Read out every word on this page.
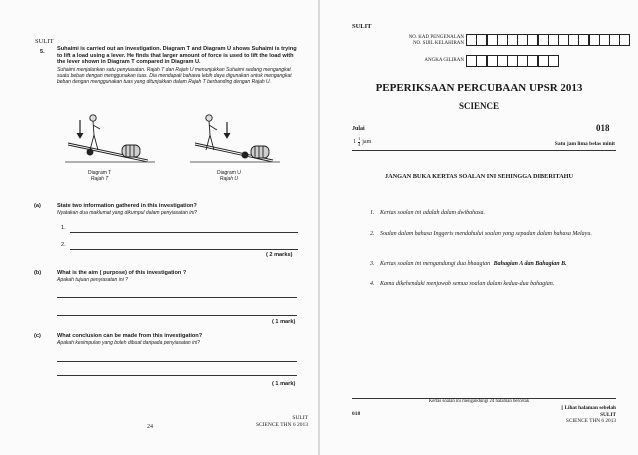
SULIT
5. Suhaimi is carried out an investigation. Diagram T and Diagram U shows Suhaimi is trying to lift a load using a lever. He finds that larger amount of force is used to lift the load with the lever shown in Diagram T compared in Diagram U.
Suhaimi menjalankan satu penyiasatan. Rajah T dan Rajah U menunjukkan Suhaimi sedang mengangkat suatu beban dengan menggunakan tuas. Dia mendapati bahawa lebih daya digunakan untuk mengangkat beban dengan menggunakan tuas yang ditunjukkan dalam Rajah T berbanding dengan Rajah U.
Diagram T
Rajah T
Diagram U
Rajah U
(a)	State two information gathered in this investigation?
Nyatakan dua maklumat yang dikumpul dalam penyiasatan ini?
1.
2.
( 2 marks)
(b)	What is the aim ( purpose) of this investigation ?
Apakah tujuan penyiasatan ini ?
( 1 mark)
(c)	What conclusion can be made from this investigation?
Apakah kesimpulan yang boleh dibuat daripada penyiasatan ini?
( 1 mark)
24
SULIT
SCIENCE THN 6 2013
SULIT
NO. KAD PENGENALAN
NO. SIJIL KELAHIRAN
ANGKA GILIRAN
PEPERIKSAAN PERCUBAAN UPSR 2013
SCIENCE
Julai	018
$1 \frac{1}{4}$ jam	Satu jam lima belas minit
JANGAN BUKA KERTAS SOALAN INI SEHINGGA DIBERITAHU
1. Kertas soalan ini adalah dalam dwibahasa.
2. Soalan dalam bahasa Inggeris mendahului soalan yang sepadan dalam bahasa Melayu.
3. Kertas soalan ini mengandungi dua bhaagian Bahagian A dan Bahagian B.
4. Kamu dikehendaki menjawab semua soalan dalam kedua-dua bahagian.
Kertas soalan ini mengandungi 24 halaman bercetak
018
[ Lihat halaman sebelah
SULIT
SCIENCE THN 6 2013
